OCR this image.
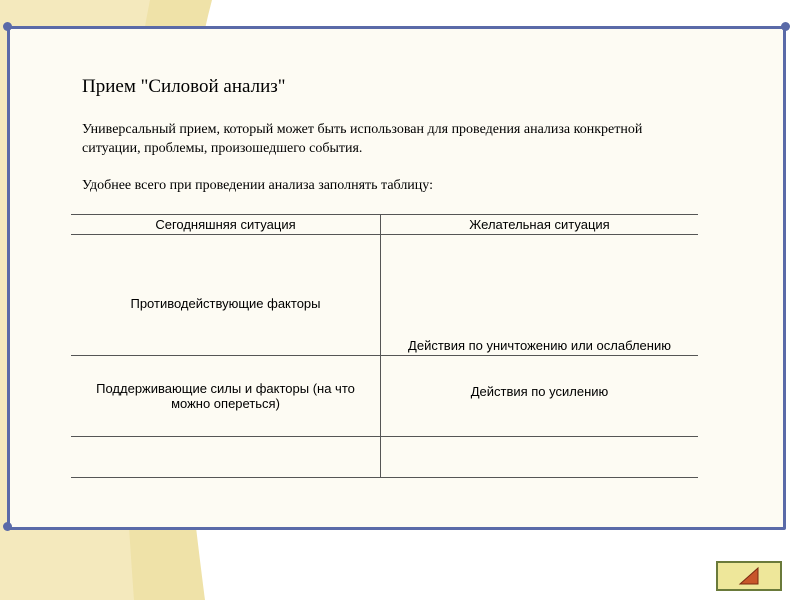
Прием "Силовой анализ"
Универсальный прием, который может быть использован для проведения анализа конкретной ситуации, проблемы, произошедшего события.
Удобнее всего при проведении анализа заполнять таблицу:
Сегодняшняя ситуация	Желательная ситуация
Противодействующие факторы	Действия по уничтожению или ослаблению
Поддерживающие силы и факторы (на что можно опереться)	Действия по усилению
